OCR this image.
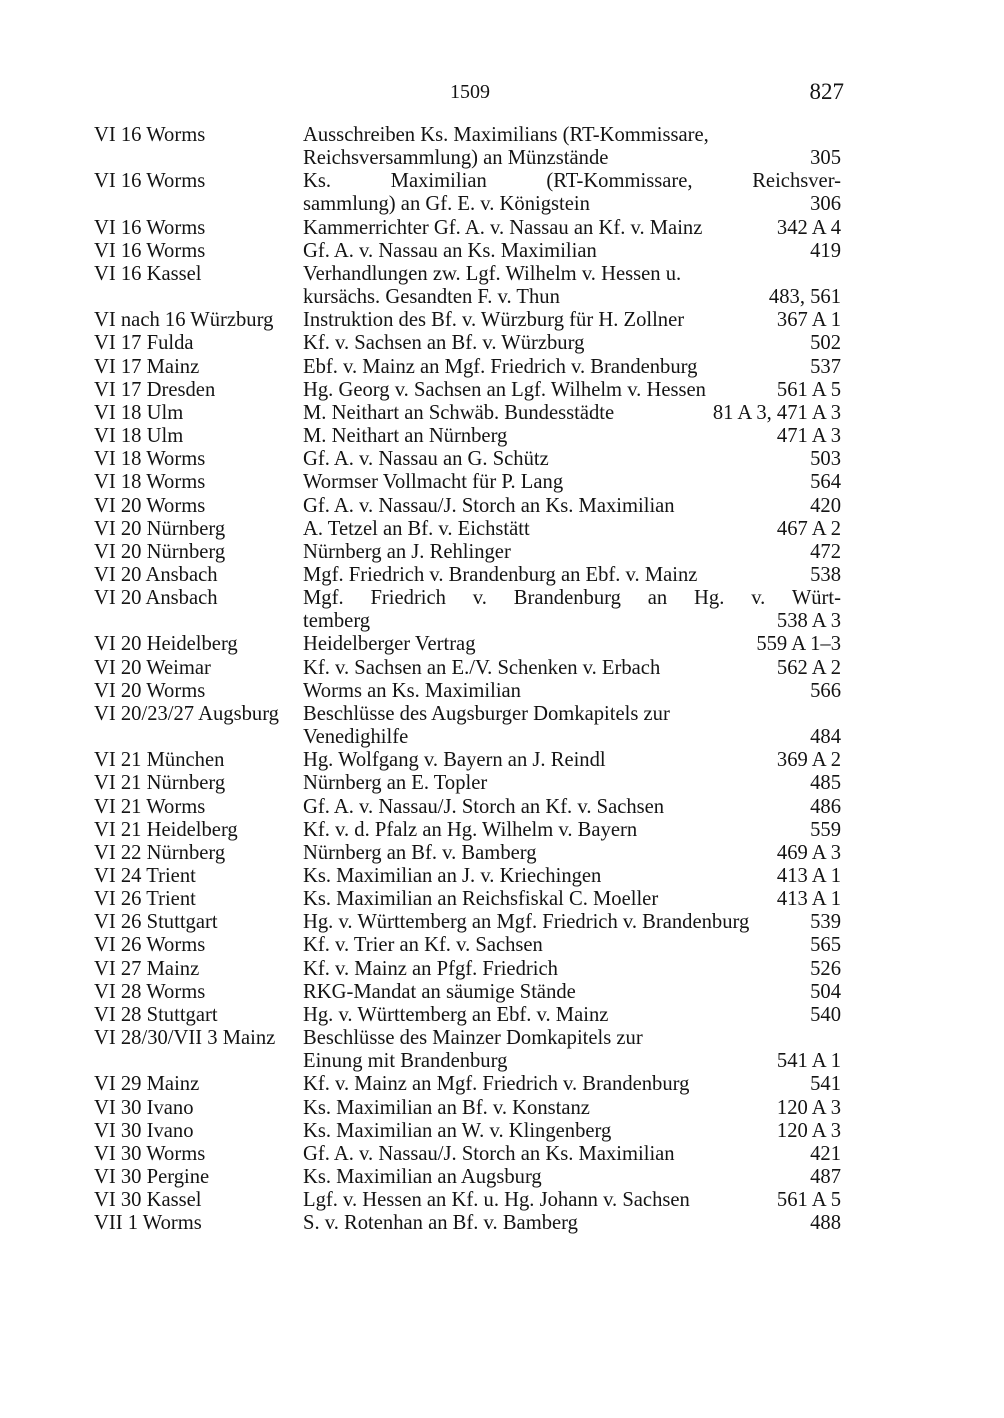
1509	827
VI 16 Worms	Ausschreiben Ks. Maximilians (RT-Kommissare,
Reichsversammlung) an Münzstände	305
VI 16 Worms	Ks. Maximilian (RT-Kommissare, Reichsver-
sammlung) an Gf. E. v. Königstein	306
VI 16 Worms	Kammerrichter Gf. A. v. Nassau an Kf. v. Mainz	342 A 4
VI 16 Worms	Gf. A. v. Nassau an Ks. Maximilian	419
VI 16 Kassel	Verhandlungen zw. Lgf. Wilhelm v. Hessen u.
kursächs. Gesandten F. v. Thun	483, 561
VI nach 16 Würzburg	Instruktion des Bf. v. Würzburg für H. Zollner	367 A 1
VI 17 Fulda	Kf. v. Sachsen an Bf. v. Würzburg	502
VI 17 Mainz	Ebf. v. Mainz an Mgf. Friedrich v. Brandenburg	537
VI 17 Dresden	Hg. Georg v. Sachsen an Lgf. Wilhelm v. Hessen	561 A 5
VI 18 Ulm	M. Neithart an Schwäb. Bundesstädte	81 A 3, 471 A 3
VI 18 Ulm	M. Neithart an Nürnberg	471 A 3
VI 18 Worms	Gf. A. v. Nassau an G. Schütz	503
VI 18 Worms	Wormser Vollmacht für P. Lang	564
VI 20 Worms	Gf. A. v. Nassau/J. Storch an Ks. Maximilian	420
VI 20 Nürnberg	A. Tetzel an Bf. v. Eichstätt	467 A 2
VI 20 Nürnberg	Nürnberg an J. Rehlinger	472
VI 20 Ansbach	Mgf. Friedrich v. Brandenburg an Ebf. v. Mainz	538
VI 20 Ansbach	Mgf. Friedrich v. Brandenburg an Hg. v. Würt-
temberg	538 A 3
VI 20 Heidelberg	Heidelberger Vertrag	559 A 1–3
VI 20 Weimar	Kf. v. Sachsen an E./V. Schenken v. Erbach	562 A 2
VI 20 Worms	Worms an Ks. Maximilian	566
VI 20/23/27 Augsburg	Beschlüsse des Augsburger Domkapitels zur
Venedighilfe	484
VI 21 München	Hg. Wolfgang v. Bayern an J. Reindl	369 A 2
VI 21 Nürnberg	Nürnberg an E. Topler	485
VI 21 Worms	Gf. A. v. Nassau/J. Storch an Kf. v. Sachsen	486
VI 21 Heidelberg	Kf. v. d. Pfalz an Hg. Wilhelm v. Bayern	559
VI 22 Nürnberg	Nürnberg an Bf. v. Bamberg	469 A 3
VI 24 Trient	Ks. Maximilian an J. v. Kriechingen	413 A 1
VI 26 Trient	Ks. Maximilian an Reichsfiskal C. Moeller	413 A 1
VI 26 Stuttgart	Hg. v. Württemberg an Mgf. Friedrich v. Brandenburg	539
VI 26 Worms	Kf. v. Trier an Kf. v. Sachsen	565
VI 27 Mainz	Kf. v. Mainz an Pfgf. Friedrich	526
VI 28 Worms	RKG-Mandat an säumige Stände	504
VI 28 Stuttgart	Hg. v. Württemberg an Ebf. v. Mainz	540
VI 28/30/VII 3 Mainz	Beschlüsse des Mainzer Domkapitels zur
Einung mit Brandenburg	541 A 1
VI 29 Mainz	Kf. v. Mainz an Mgf. Friedrich v. Brandenburg	541
VI 30 Ivano	Ks. Maximilian an Bf. v. Konstanz	120 A 3
VI 30 Ivano	Ks. Maximilian an W. v. Klingenberg	120 A 3
VI 30 Worms	Gf. A. v. Nassau/J. Storch an Ks. Maximilian	421
VI 30 Pergine	Ks. Maximilian an Augsburg	487
VI 30 Kassel	Lgf. v. Hessen an Kf. u. Hg. Johann v. Sachsen	561 A 5
VII 1 Worms	S. v. Rotenhan an Bf. v. Bamberg	488
